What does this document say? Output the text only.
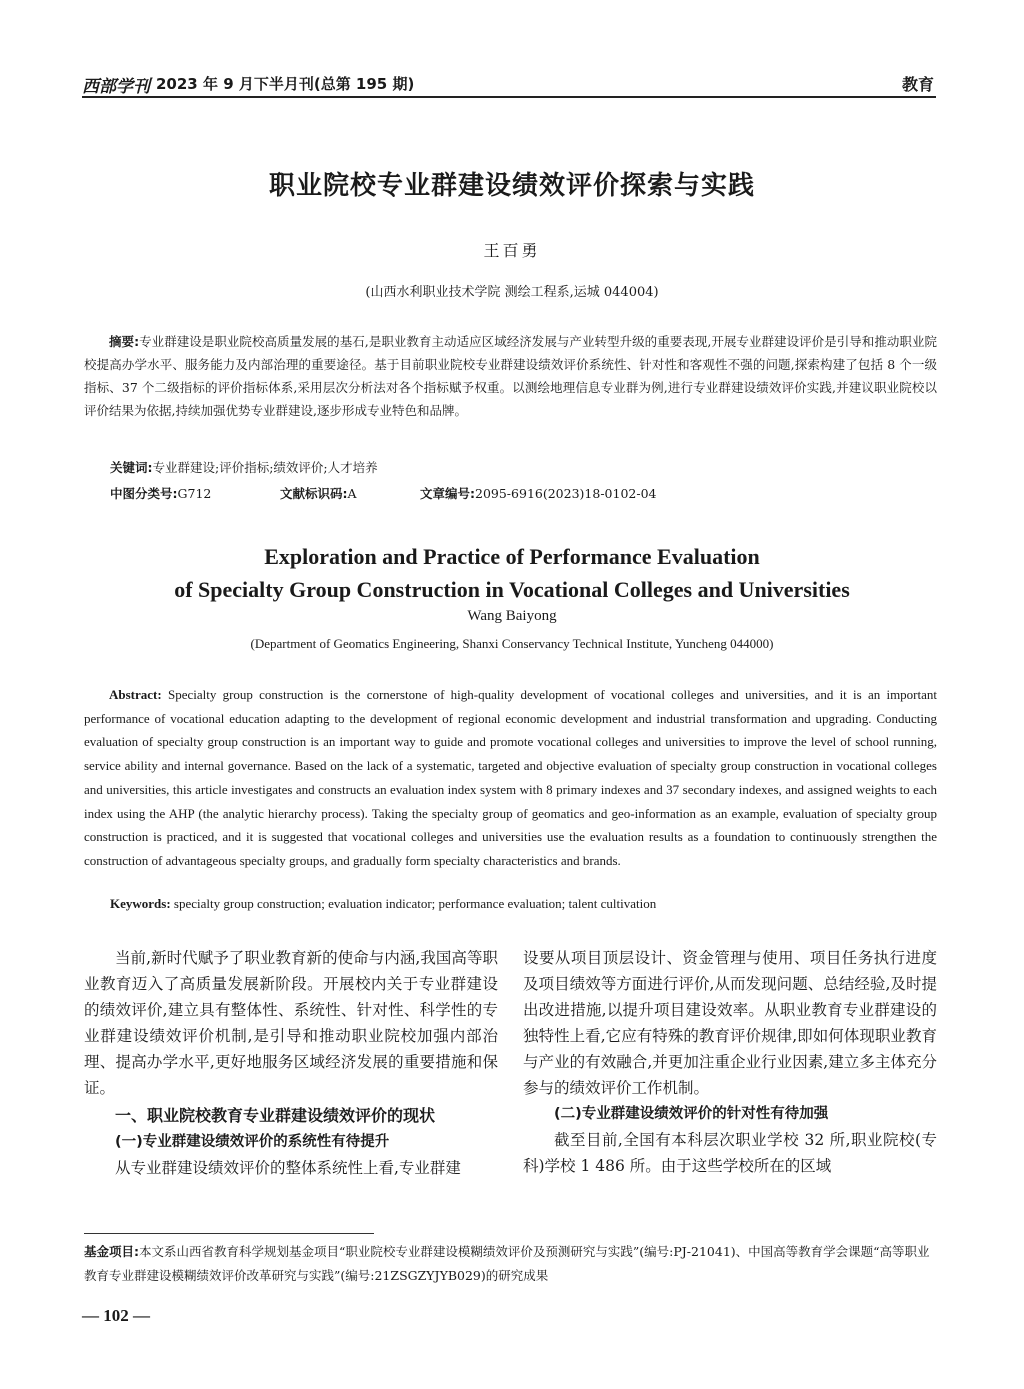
西部学刊 2023 年 9 月下半月刊(总第 195 期)	教育
职业院校专业群建设绩效评价探索与实践
王百勇
(山西水利职业技术学院 测绘工程系,运城 044004)
摘要:专业群建设是职业院校高质量发展的基石,是职业教育主动适应区域经济发展与产业转型升级的重要表现,开展专业群建设评价是引导和推动职业院校提高办学水平、服务能力及内部治理的重要途径。基于目前职业院校专业群建设绩效评价系统性、针对性和客观性不强的问题,探索构建了包括 8 个一级指标、37 个二级指标的评价指标体系,采用层次分析法对各个指标赋予权重。以测绘地理信息专业群为例,进行专业群建设绩效评价实践,并建议职业院校以评价结果为依据,持续加强优势专业群建设,逐步形成专业特色和品牌。
关键词:专业群建设;评价指标;绩效评价;人才培养
中图分类号:G712	文献标识码:A	文章编号:2095-6916(2023)18-0102-04
Exploration and Practice of Performance Evaluation
of Specialty Group Construction in Vocational Colleges and Universities
Wang Baiyong
(Department of Geomatics Engineering, Shanxi Conservancy Technical Institute, Yuncheng 044000)
Abstract: Specialty group construction is the cornerstone of high-quality development of vocational colleges and universities, and it is an important performance of vocational education adapting to the development of regional economic development and industrial transformation and upgrading. Conducting evaluation of specialty group construction is an important way to guide and promote vocational colleges and universities to improve the level of school running, service ability and internal governance. Based on the lack of a systematic, targeted and objective evaluation of specialty group construction in vocational colleges and universities, this article investigates and constructs an evaluation index system with 8 primary indexes and 37 secondary indexes, and assigned weights to each index using the AHP (the analytic hierarchy process). Taking the specialty group of geomatics and geo-information as an example, evaluation of specialty group construction is practiced, and it is suggested that vocational colleges and universities use the evaluation results as a foundation to continuously strengthen the construction of advantageous specialty groups, and gradually form specialty characteristics and brands.
Keywords: specialty group construction; evaluation indicator; performance evaluation; talent cultivation

当前,新时代赋予了职业教育新的使命与内涵,我国高等职业教育迈入了高质量发展新阶段。开展校内关于专业群建设的绩效评价,建立具有整体性、系统性、针对性、科学性的专业群建设绩效评价机制,是引导和推动职业院校加强内部治理、提高办学水平,更好地服务区域经济发展的重要措施和保证。

一、职业院校教育专业群建设绩效评价的现状
(一)专业群建设绩效评价的系统性有待提升

从专业群建设绩效评价的整体系统性上看,专业群建

设要从项目顶层设计、资金管理与使用、项目任务执行进度及项目绩效等方面进行评价,从而发现问题、总结经验,及时提出改进措施,以提升项目建设效率。从职业教育专业群建设的独特性上看,它应有特殊的教育评价规律,即如何体现职业教育与产业的有效融合,并更加注重企业行业因素,建立多主体充分参与的绩效评价工作机制。

(二)专业群建设绩效评价的针对性有待加强

截至目前,全国有本科层次职业学校 32 所,职业院校(专科)学校 1 486 所。由于这些学校所在的区域

基金项目:本文系山西省教育科学规划基金项目“职业院校专业群建设模糊绩效评价及预测研究与实践”(编号:PJ-21041)、中国高等教育学会课题“高等职业教育专业群建设模糊绩效评价改革研究与实践”(编号:21ZSGZYJYB029)的研究成果
— 102 —
